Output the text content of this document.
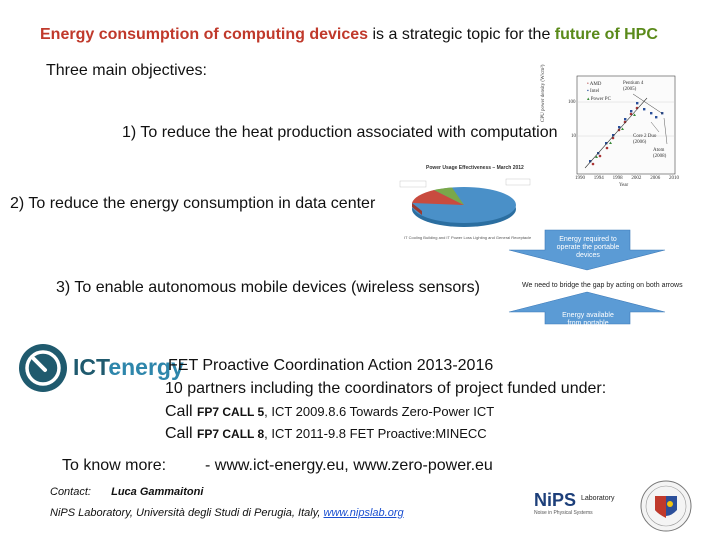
Energy consumption of computing devices is a strategic topic for the future of HPC
Three main objectives:
1) To reduce the heat production associated with computation
2) To reduce the energy consumption in data center
3) To enable autonomous mobile devices (wireless sensors)
CPU power density (W/cm²)	100
10
• AMD
▪ Intel
▴ Power PC
Pentium 4 (2005)
Core 2 Duo (2006)
Atom (2008)
1990 1994 1998 2002 2006 2010
Year
Power Usage Effectiveness – March 2012
IT Cooling Building and IT Power Loss Lighting and General Receptacle	Energy required to operate the portable devices
We need to bridge the gap by acting on both arrows
Energy available from portable sources
ICTenergy
FET Proactive Coordination Action 2013-2016
10 partners including the coordinators of project funded under:
Call FP7 CALL 5, ICT 2009.8.6 Towards Zero-Power ICT
Call FP7 CALL 8, ICT 2011-9.8 FET Proactive:MINECC
To know more: - www.ict-energy.eu, www.zero-power.eu
Contact: Luca Gammaitoni
NiPS Laboratory, Università degli Studi di Perugia, Italy, www.nipslab.org
NiPS Laboratory
Noise in Physical Systems
